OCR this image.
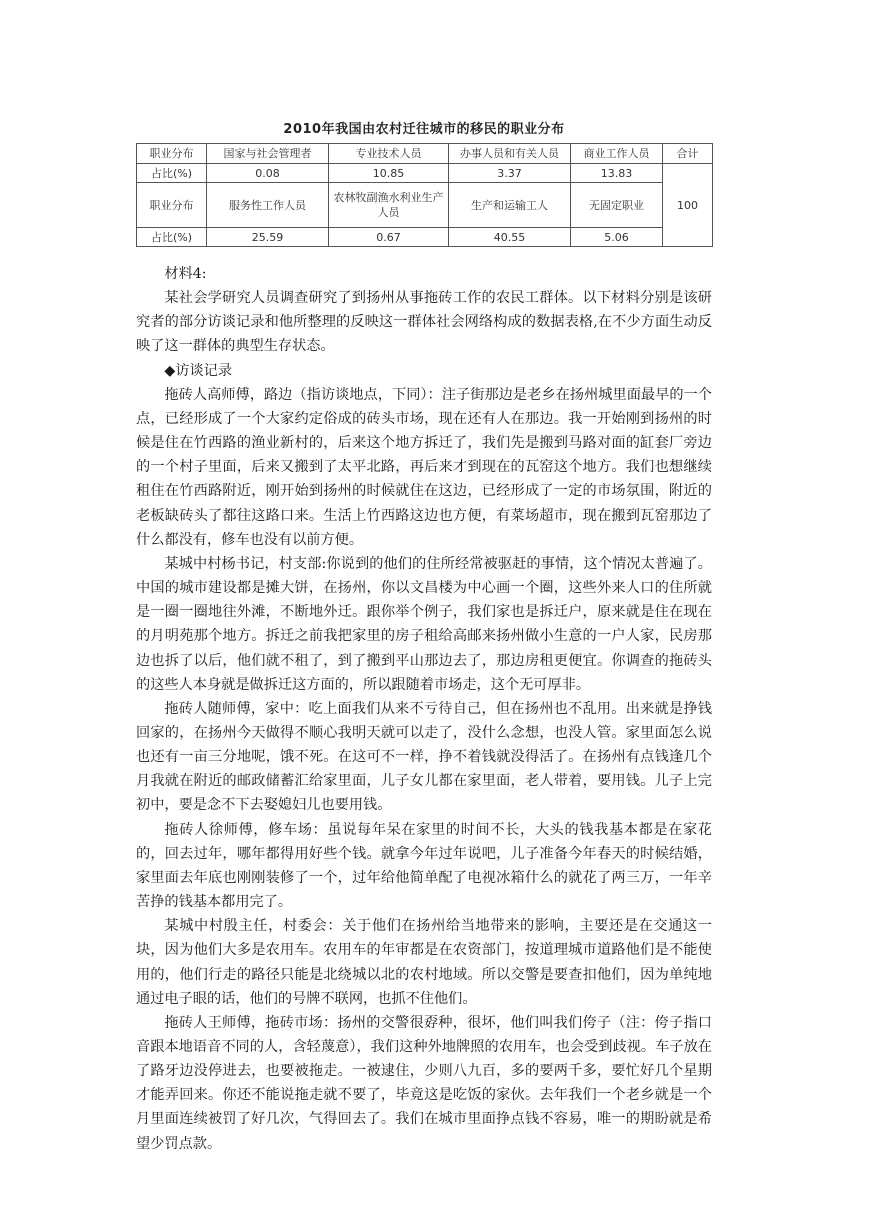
2010年我国由农村迁往城市的移民的职业分布
职业分布	国家与社会管理者	专业技术人员	办事人员和有关人员	商业工作人员	合计
占比(%)	0.08	10.85	3.37	13.83	100
职业分布	服务性工作人员	农林牧副渔水利业生产人员	生产和运输工人	无固定职业	
占比(%)	25.59	0.67	40.55	5.06	

材料4:

某社会学研究人员调查研究了到扬州从事拖砖工作的农民工群体。以下材料分别是该研究者的部分访谈记录和他所整理的反映这一群体社会网络构成的数据表格,在不少方面生动反映了这一群体的典型生存状态。

◆访谈记录

拖砖人高师傅，路边（指访谈地点，下同）：注子街那边是老乡在扬州城里面最早的一个点，已经形成了一个大家约定俗成的砖头市场，现在还有人在那边。我一开始刚到扬州的时候是住在竹西路的渔业新村的，后来这个地方拆迁了，我们先是搬到马路对面的缸套厂旁边的一个村子里面，后来又搬到了太平北路，再后来才到现在的瓦窑这个地方。我们也想继续租住在竹西路附近，刚开始到扬州的时候就住在这边，已经形成了一定的市场氛围，附近的老板缺砖头了都往这路口来。生活上竹西路这边也方便，有菜场超市，现在搬到瓦窑那边了什么都没有，修车也没有以前方便。

某城中村杨书记，村支部:你说到的他们的住所经常被驱赶的事情，这个情况太普遍了。中国的城市建设都是摊大饼，在扬州，你以文昌楼为中心画一个圈，这些外来人口的住所就是一圈一圈地往外滩，不断地外迁。跟你举个例子，我们家也是拆迁户，原来就是住在现在的月明苑那个地方。拆迁之前我把家里的房子租给高邮来扬州做小生意的一户人家，民房那边也拆了以后，他们就不租了，到了搬到平山那边去了，那边房租更便宜。你调查的拖砖头的这些人本身就是做拆迁这方面的，所以跟随着市场走，这个无可厚非。

拖砖人随师傅，家中：吃上面我们从来不亏待自己，但在扬州也不乱用。出来就是挣钱回家的，在扬州今天做得不顺心我明天就可以走了，没什么念想，也没人管。家里面怎么说也还有一亩三分地呢，饿不死。在这可不一样，挣不着钱就没得活了。在扬州有点钱逢几个月我就在附近的邮政储蓄汇给家里面，儿子女儿都在家里面，老人带着，要用钱。儿子上完初中，要是念不下去娶媳妇儿也要用钱。

拖砖人徐师傅，修车场：虽说每年呆在家里的时间不长，大头的钱我基本都是在家花的，回去过年，哪年都得用好些个钱。就拿今年过年说吧，儿子准备今年春天的时候结婚，家里面去年底也刚刚装修了一个，过年给他简单配了电视冰箱什么的就花了两三万，一年辛苦挣的钱基本都用完了。

某城中村殷主任，村委会：关于他们在扬州给当地带来的影响，主要还是在交通这一块，因为他们大多是农用车。农用车的年审都是在农资部门，按道理城市道路他们是不能使用的，他们行走的路径只能是北绕城以北的农村地域。所以交警是要查扣他们，因为单纯地通过电子眼的话，他们的号牌不联网，也抓不住他们。

拖砖人王师傅，拖砖市场：扬州的交警很孬种，很坏，他们叫我们侉子（注：侉子指口音跟本地语音不同的人，含轻蔑意），我们这种外地牌照的农用车，也会受到歧视。车子放在了路牙边没停进去，也要被拖走。一被逮住，少则八九百，多的要两千多，要忙好几个星期才能弄回来。你还不能说拖走就不要了，毕竟这是吃饭的家伙。去年我们一个老乡就是一个月里面连续被罚了好几次，气得回去了。我们在城市里面挣点钱不容易，唯一的期盼就是希望少罚点款。
